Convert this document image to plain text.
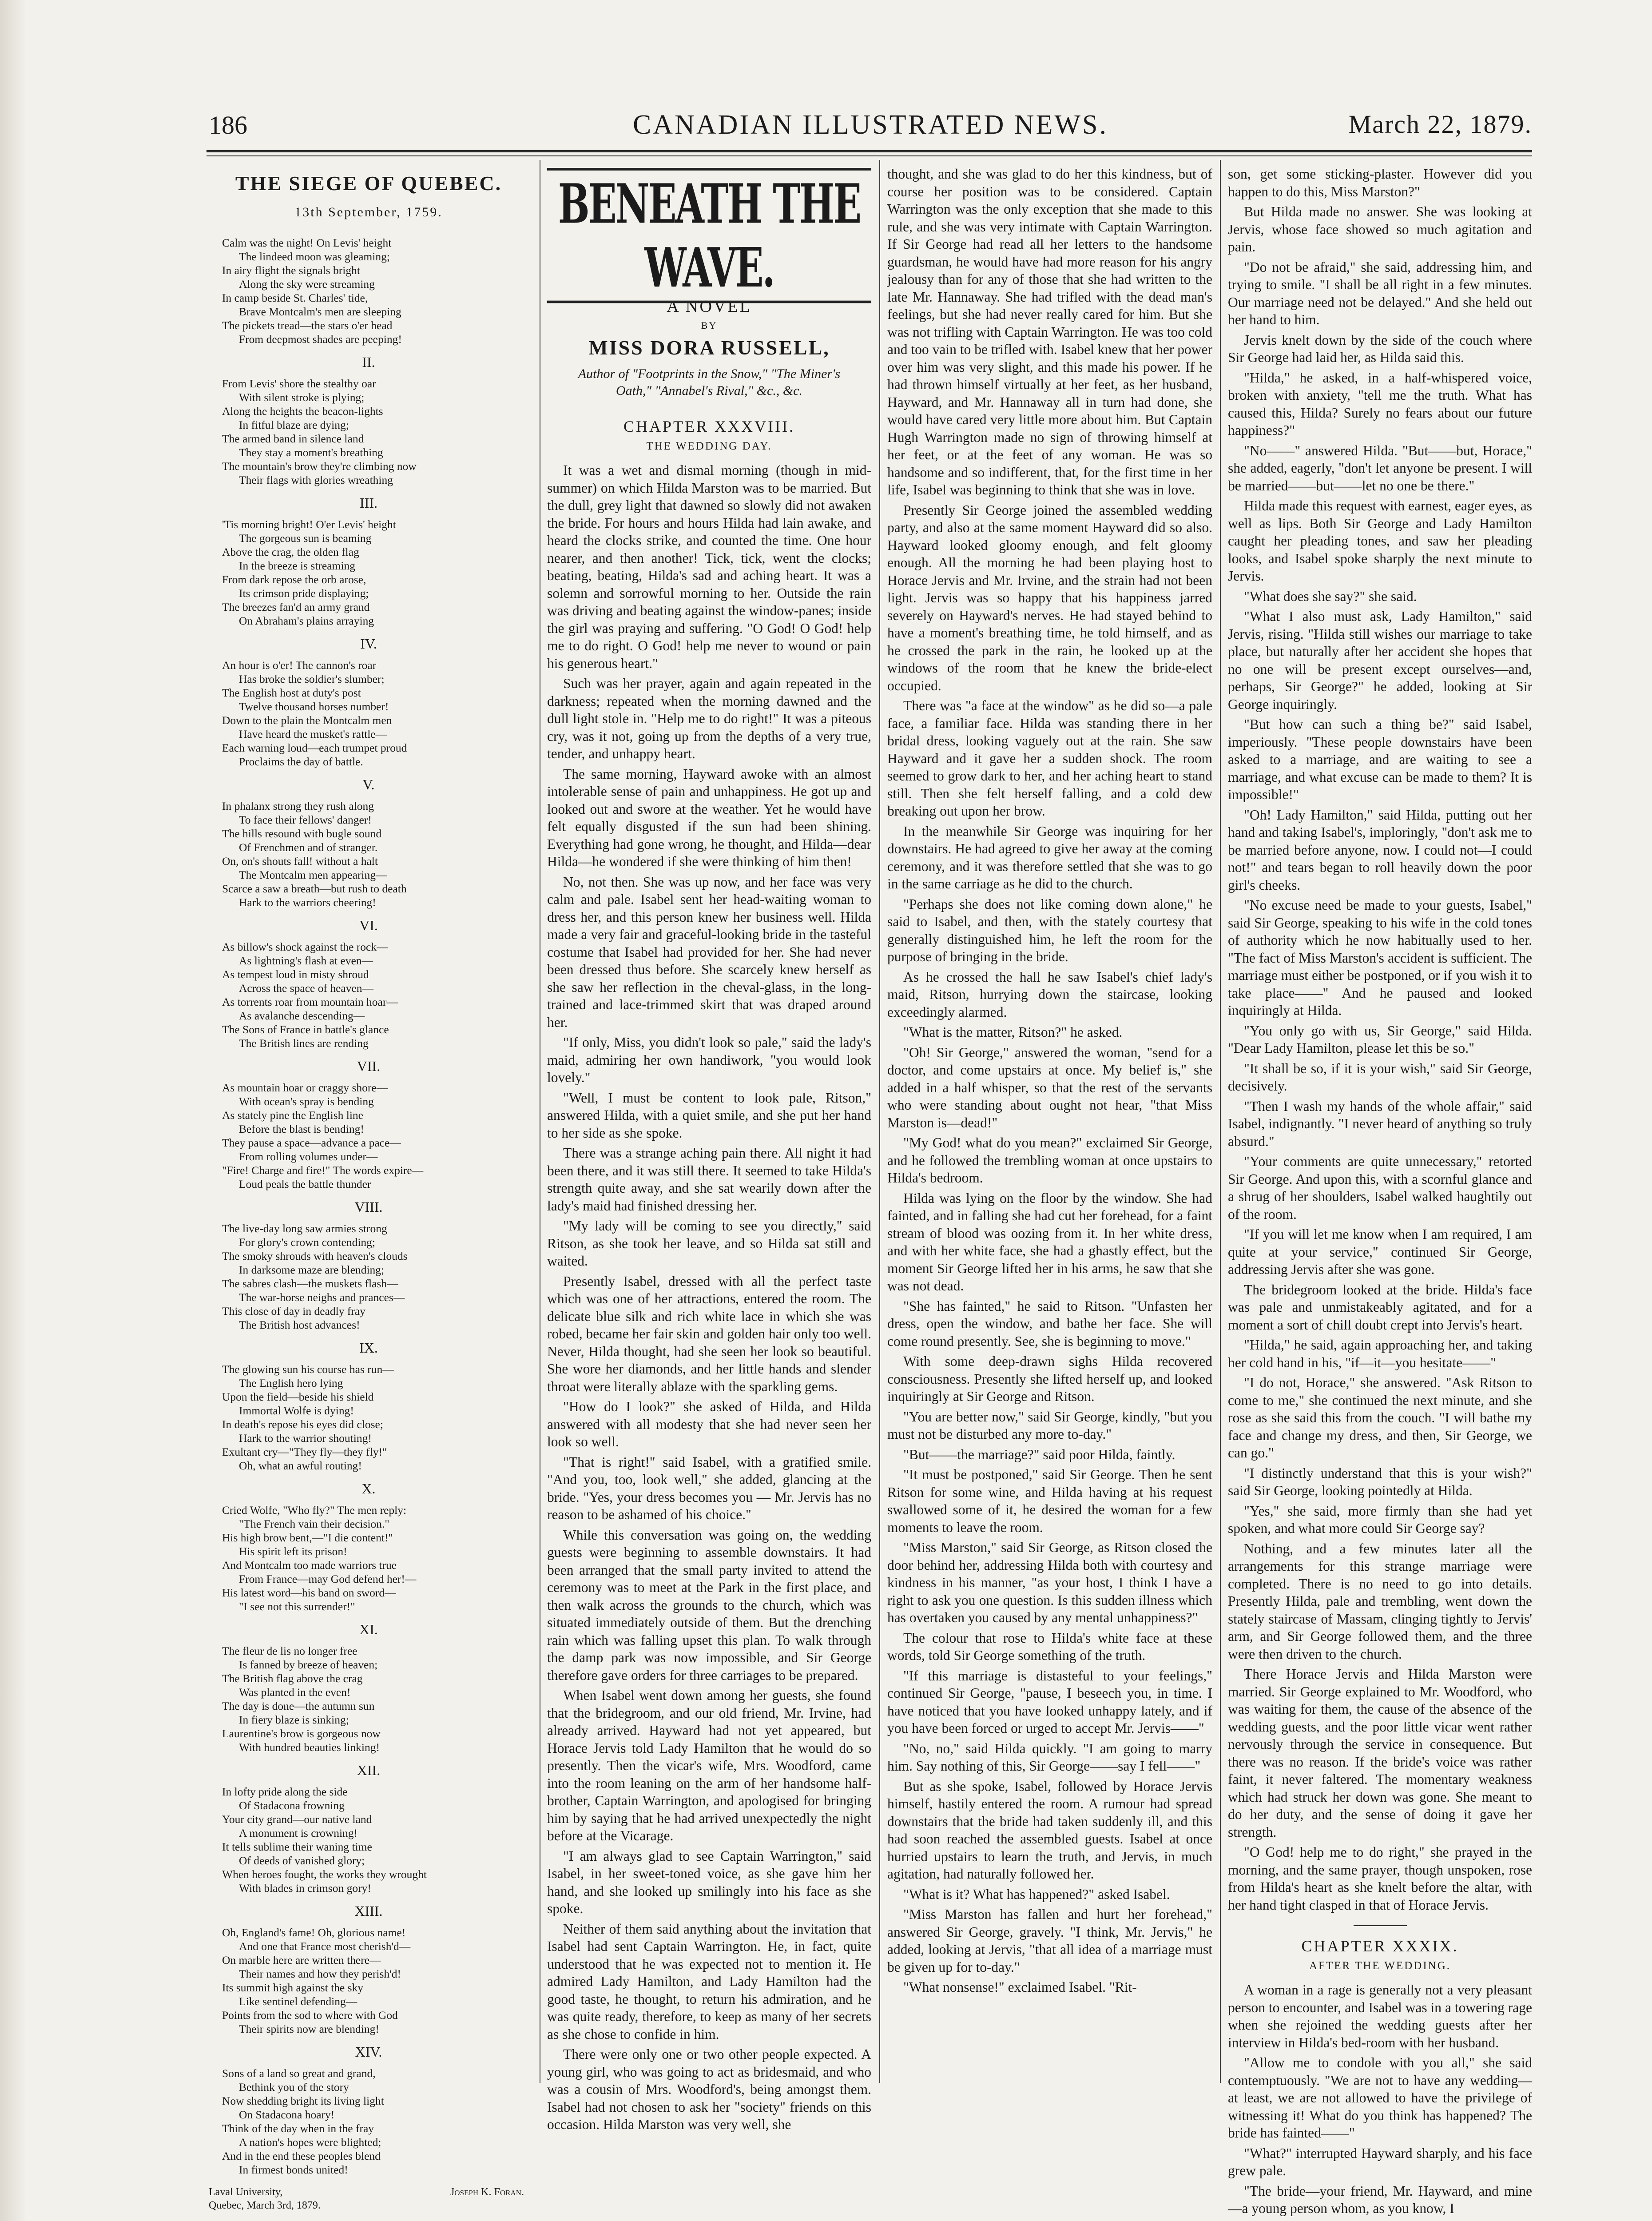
186	CANADIAN ILLUSTRATED NEWS.	March 22, 1879.
THE SIEGE OF QUEBEC.
13th September, 1759.
Calm was the night! On Levis' height
The lindeed moon was gleaming;
In airy flight the signals bright
Along the sky were streaming
In camp beside St. Charles' tide,
Brave Montcalm's men are sleeping
The pickets tread—the stars o'er head
From deepmost shades are peeping!
II.
From Levis' shore the stealthy oar
With silent stroke is plying;
Along the heights the beacon-lights
In fitful blaze are dying;
The armed band in silence land
They stay a moment's breathing
The mountain's brow they're climbing now
Their flags with glories wreathing
III.
'Tis morning bright! O'er Levis' height
The gorgeous sun is beaming
Above the crag, the olden flag
In the breeze is streaming
From dark repose the orb arose,
Its crimson pride displaying;
The breezes fan'd an army grand
On Abraham's plains arraying
IV.
An hour is o'er! The cannon's roar
Has broke the soldier's slumber;
The English host at duty's post
Twelve thousand horses number!
Down to the plain the Montcalm men
Have heard the musket's rattle—
Each warning loud—each trumpet proud
Proclaims the day of battle.
V.
In phalanx strong they rush along
To face their fellows' danger!
The hills resound with bugle sound
Of Frenchmen and of stranger.
On, on's shouts fall! without a halt
The Montcalm men appearing—
Scarce a saw a breath—but rush to death
Hark to the warriors cheering!
VI.
As billow's shock against the rock—
As lightning's flash at even—
As tempest loud in misty shroud
Across the space of heaven—
As torrents roar from mountain hoar—
As avalanche descending—
The Sons of France in battle's glance
The British lines are rending
VII.
As mountain hoar or craggy shore—
With ocean's spray is bending
As stately pine the English line
Before the blast is bending!
They pause a space—advance a pace—
From rolling volumes under—
"Fire! Charge and fire!" The words expire—
Loud peals the battle thunder
VIII.
The live-day long saw armies strong
For glory's crown contending;
The smoky shrouds with heaven's clouds
In darksome maze are blending;
The sabres clash—the muskets flash—
The war-horse neighs and prances—
This close of day in deadly fray
The British host advances!
IX.
The glowing sun his course has run—
The English hero lying
Upon the field—beside his shield
Immortal Wolfe is dying!
In death's repose his eyes did close;
Hark to the warrior shouting!
Exultant cry—"They fly—they fly!"
Oh, what an awful routing!
X.
Cried Wolfe, "Who fly?" The men reply:
"The French vain their decision."
His high brow bent,—"I die content!"
His spirit left its prison!
And Montcalm too made warriors true
From France—may God defend her!—
His latest word—his band on sword—
"I see not this surrender!"
XI.
The fleur de lis no longer free
Is fanned by breeze of heaven;
The British flag above the crag
Was planted in the even!
The day is done—the autumn sun
In fiery blaze is sinking;
Laurentine's brow is gorgeous now
With hundred beauties linking!
XII.
In lofty pride along the side
Of Stadacona frowning
Your city grand—our native land
A monument is crowning!
It tells sublime their waning time
Of deeds of vanished glory;
When heroes fought, the works they wrought
With blades in crimson gory!
XIII.
Oh, England's fame! Oh, glorious name!
And one that France most cherish'd—
On marble here are written there—
Their names and how they perish'd!
Its summit high against the sky
Like sentinel defending—
Points from the sod to where with God
Their spirits now are blending!
XIV.
Sons of a land so great and grand,
Bethink you of the story
Now shedding bright its living light
On Stadacona hoary!
Think of the day when in the fray
A nation's hopes were blighted;
And in the end these peoples blend
In firmest bonds united!
Laval University,
Quebec, March 3rd, 1879.
Joseph K. Foran.
BENEATH THE WAVE.
A NOVEL
BY
MISS DORA RUSSELL,
Author of "Footprints in the Snow," "The Miner's Oath," "Annabel's Rival," &c., &c.
CHAPTER XXXVIII.
THE WEDDING DAY.

It was a wet and dismal morning (though in mid-summer) on which Hilda Marston was to be married. But the dull, grey light that dawned so slowly did not awaken the bride. For hours and hours Hilda had lain awake, and heard the clocks strike, and counted the time. One hour nearer, and then another! Tick, tick, went the clocks; beating, beating, Hilda's sad and aching heart. It was a solemn and sorrowful morning to her. Outside the rain was driving and beating against the window-panes; inside the girl was praying and suffering. "O God! O God! help me to do right. O God! help me never to wound or pain his generous heart."

Such was her prayer, again and again repeated in the darkness; repeated when the morning dawned and the dull light stole in. "Help me to do right!" It was a piteous cry, was it not, going up from the depths of a very true, tender, and unhappy heart.

The same morning, Hayward awoke with an almost intolerable sense of pain and unhappiness. He got up and looked out and swore at the weather. Yet he would have felt equally disgusted if the sun had been shining. Everything had gone wrong, he thought, and Hilda—dear Hilda—he wondered if she were thinking of him then!

No, not then. She was up now, and her face was very calm and pale. Isabel sent her head-waiting woman to dress her, and this person knew her business well. Hilda made a very fair and graceful-looking bride in the tasteful costume that Isabel had provided for her. She had never been dressed thus before. She scarcely knew herself as she saw her reflection in the cheval-glass, in the long-trained and lace-trimmed skirt that was draped around her.

"If only, Miss, you didn't look so pale," said the lady's maid, admiring her own handiwork, "you would look lovely."

"Well, I must be content to look pale, Ritson," answered Hilda, with a quiet smile, and she put her hand to her side as she spoke.

There was a strange aching pain there. All night it had been there, and it was still there. It seemed to take Hilda's strength quite away, and she sat wearily down after the lady's maid had finished dressing her.

"My lady will be coming to see you directly," said Ritson, as she took her leave, and so Hilda sat still and waited.

Presently Isabel, dressed with all the perfect taste which was one of her attractions, entered the room. The delicate blue silk and rich white lace in which she was robed, became her fair skin and golden hair only too well. Never, Hilda thought, had she seen her look so beautiful. She wore her diamonds, and her little hands and slender throat were literally ablaze with the sparkling gems.

"How do I look?" she asked of Hilda, and Hilda answered with all modesty that she had never seen her look so well.

"That is right!" said Isabel, with a gratified smile. "And you, too, look well," she added, glancing at the bride. "Yes, your dress becomes you — Mr. Jervis has no reason to be ashamed of his choice."

While this conversation was going on, the wedding guests were beginning to assemble downstairs. It had been arranged that the small party invited to attend the ceremony was to meet at the Park in the first place, and then walk across the grounds to the church, which was situated immediately outside of them. But the drenching rain which was falling upset this plan. To walk through the damp park was now impossible, and Sir George therefore gave orders for three carriages to be prepared.

When Isabel went down among her guests, she found that the bridegroom, and our old friend, Mr. Irvine, had already arrived. Hayward had not yet appeared, but Horace Jervis told Lady Hamilton that he would do so presently. Then the vicar's wife, Mrs. Woodford, came into the room leaning on the arm of her handsome half-brother, Captain Warrington, and apologised for bringing him by saying that he had arrived unexpectedly the night before at the Vicarage.

"I am always glad to see Captain Warrington," said Isabel, in her sweet-toned voice, as she gave him her hand, and she looked up smilingly into his face as she spoke.

Neither of them said anything about the invitation that Isabel had sent Captain Warrington. He, in fact, quite understood that he was expected not to mention it. He admired Lady Hamilton, and Lady Hamilton had the good taste, he thought, to return his admiration, and he was quite ready, therefore, to keep as many of her secrets as she chose to confide in him.

There were only one or two other people expected. A young girl, who was going to act as bridesmaid, and who was a cousin of Mrs. Woodford's, being amongst them. Isabel had not chosen to ask her "society" friends on this occasion. Hilda Marston was very well, she

thought, and she was glad to do her this kindness, but of course her position was to be considered. Captain Warrington was the only exception that she made to this rule, and she was very intimate with Captain Warrington. If Sir George had read all her letters to the handsome guardsman, he would have had more reason for his angry jealousy than for any of those that she had written to the late Mr. Hannaway. She had trifled with the dead man's feelings, but she had never really cared for him. But she was not trifling with Captain Warrington. He was too cold and too vain to be trifled with. Isabel knew that her power over him was very slight, and this made his power. If he had thrown himself virtually at her feet, as her husband, Hayward, and Mr. Hannaway all in turn had done, she would have cared very little more about him. But Captain Hugh Warrington made no sign of throwing himself at her feet, or at the feet of any woman. He was so handsome and so indifferent, that, for the first time in her life, Isabel was beginning to think that she was in love.

Presently Sir George joined the assembled wedding party, and also at the same moment Hayward did so also. Hayward looked gloomy enough, and felt gloomy enough. All the morning he had been playing host to Horace Jervis and Mr. Irvine, and the strain had not been light. Jervis was so happy that his happiness jarred severely on Hayward's nerves. He had stayed behind to have a moment's breathing time, he told himself, and as he crossed the park in the rain, he looked up at the windows of the room that he knew the bride-elect occupied.

There was "a face at the window" as he did so—a pale face, a familiar face. Hilda was standing there in her bridal dress, looking vaguely out at the rain. She saw Hayward and it gave her a sudden shock. The room seemed to grow dark to her, and her aching heart to stand still. Then she felt herself falling, and a cold dew breaking out upon her brow.

In the meanwhile Sir George was inquiring for her downstairs. He had agreed to give her away at the coming ceremony, and it was therefore settled that she was to go in the same carriage as he did to the church.

"Perhaps she does not like coming down alone," he said to Isabel, and then, with the stately courtesy that generally distinguished him, he left the room for the purpose of bringing in the bride.

As he crossed the hall he saw Isabel's chief lady's maid, Ritson, hurrying down the staircase, looking exceedingly alarmed.

"What is the matter, Ritson?" he asked.

"Oh! Sir George," answered the woman, "send for a doctor, and come upstairs at once. My belief is," she added in a half whisper, so that the rest of the servants who were standing about ought not hear, "that Miss Marston is—dead!"

"My God! what do you mean?" exclaimed Sir George, and he followed the trembling woman at once upstairs to Hilda's bedroom.

Hilda was lying on the floor by the window. She had fainted, and in falling she had cut her forehead, for a faint stream of blood was oozing from it. In her white dress, and with her white face, she had a ghastly effect, but the moment Sir George lifted her in his arms, he saw that she was not dead.

"She has fainted," he said to Ritson. "Unfasten her dress, open the window, and bathe her face. She will come round presently. See, she is beginning to move."

With some deep-drawn sighs Hilda recovered consciousness. Presently she lifted herself up, and looked inquiringly at Sir George and Ritson.

"You are better now," said Sir George, kindly, "but you must not be disturbed any more to-day."

"But——the marriage?" said poor Hilda, faintly.

"It must be postponed," said Sir George. Then he sent Ritson for some wine, and Hilda having at his request swallowed some of it, he desired the woman for a few moments to leave the room.

"Miss Marston," said Sir George, as Ritson closed the door behind her, addressing Hilda both with courtesy and kindness in his manner, "as your host, I think I have a right to ask you one question. Is this sudden illness which has overtaken you caused by any mental unhappiness?"

The colour that rose to Hilda's white face at these words, told Sir George something of the truth.

"If this marriage is distasteful to your feelings," continued Sir George, "pause, I beseech you, in time. I have noticed that you have looked unhappy lately, and if you have been forced or urged to accept Mr. Jervis——"

"No, no," said Hilda quickly. "I am going to marry him. Say nothing of this, Sir George——say I fell——"

But as she spoke, Isabel, followed by Horace Jervis himself, hastily entered the room. A rumour had spread downstairs that the bride had taken suddenly ill, and this had soon reached the assembled guests. Isabel at once hurried upstairs to learn the truth, and Jervis, in much agitation, had naturally followed her.

"What is it? What has happened?" asked Isabel.

"Miss Marston has fallen and hurt her forehead," answered Sir George, gravely. "I think, Mr. Jervis," he added, looking at Jervis, "that all idea of a marriage must be given up for to-day."

"What nonsense!" exclaimed Isabel. "Rit-

son, get some sticking-plaster. However did you happen to do this, Miss Marston?"

But Hilda made no answer. She was looking at Jervis, whose face showed so much agitation and pain.

"Do not be afraid," she said, addressing him, and trying to smile. "I shall be all right in a few minutes. Our marriage need not be delayed." And she held out her hand to him.

Jervis knelt down by the side of the couch where Sir George had laid her, as Hilda said this.

"Hilda," he asked, in a half-whispered voice, broken with anxiety, "tell me the truth. What has caused this, Hilda? Surely no fears about our future happiness?"

"No——" answered Hilda. "But——but, Horace," she added, eagerly, "don't let anyone be present. I will be married——but——let no one be there."

Hilda made this request with earnest, eager eyes, as well as lips. Both Sir George and Lady Hamilton caught her pleading tones, and saw her pleading looks, and Isabel spoke sharply the next minute to Jervis.

"What does she say?" she said.

"What I also must ask, Lady Hamilton," said Jervis, rising. "Hilda still wishes our marriage to take place, but naturally after her accident she hopes that no one will be present except ourselves—and, perhaps, Sir George?" he added, looking at Sir George inquiringly.

"But how can such a thing be?" said Isabel, imperiously. "These people downstairs have been asked to a marriage, and are waiting to see a marriage, and what excuse can be made to them? It is impossible!"

"Oh! Lady Hamilton," said Hilda, putting out her hand and taking Isabel's, imploringly, "don't ask me to be married before anyone, now. I could not—I could not!" and tears began to roll heavily down the poor girl's cheeks.

"No excuse need be made to your guests, Isabel," said Sir George, speaking to his wife in the cold tones of authority which he now habitually used to her. "The fact of Miss Marston's accident is sufficient. The marriage must either be postponed, or if you wish it to take place——" And he paused and looked inquiringly at Hilda.

"You only go with us, Sir George," said Hilda. "Dear Lady Hamilton, please let this be so."

"It shall be so, if it is your wish," said Sir George, decisively.

"Then I wash my hands of the whole affair," said Isabel, indignantly. "I never heard of anything so truly absurd."

"Your comments are quite unnecessary," retorted Sir George. And upon this, with a scornful glance and a shrug of her shoulders, Isabel walked haughtily out of the room.

"If you will let me know when I am required, I am quite at your service," continued Sir George, addressing Jervis after she was gone.

The bridegroom looked at the bride. Hilda's face was pale and unmistakeably agitated, and for a moment a sort of chill doubt crept into Jervis's heart.

"Hilda," he said, again approaching her, and taking her cold hand in his, "if—it—you hesitate——"

"I do not, Horace," she answered. "Ask Ritson to come to me," she continued the next minute, and she rose as she said this from the couch. "I will bathe my face and change my dress, and then, Sir George, we can go."

"I distinctly understand that this is your wish?" said Sir George, looking pointedly at Hilda.

"Yes," she said, more firmly than she had yet spoken, and what more could Sir George say?

Nothing, and a few minutes later all the arrangements for this strange marriage were completed. There is no need to go into details. Presently Hilda, pale and trembling, went down the stately staircase of Massam, clinging tightly to Jervis' arm, and Sir George followed them, and the three were then driven to the church.

There Horace Jervis and Hilda Marston were married. Sir George explained to Mr. Woodford, who was waiting for them, the cause of the absence of the wedding guests, and the poor little vicar went rather nervously through the service in consequence. But there was no reason. If the bride's voice was rather faint, it never faltered. The momentary weakness which had struck her down was gone. She meant to do her duty, and the sense of doing it gave her strength.

"O God! help me to do right," she prayed in the morning, and the same prayer, though unspoken, rose from Hilda's heart as she knelt before the altar, with her hand tight clasped in that of Horace Jervis.

CHAPTER XXXIX.
AFTER THE WEDDING.

A woman in a rage is generally not a very pleasant person to encounter, and Isabel was in a towering rage when she rejoined the wedding guests after her interview in Hilda's bed-room with her husband.

"Allow me to condole with you all," she said contemptuously. "We are not to have any wedding—at least, we are not allowed to have the privilege of witnessing it! What do you think has happened? The bride has fainted——"

"What?" interrupted Hayward sharply, and his face grew pale.

"The bride—your friend, Mr. Hayward, and mine—a young person whom, as you know, I
